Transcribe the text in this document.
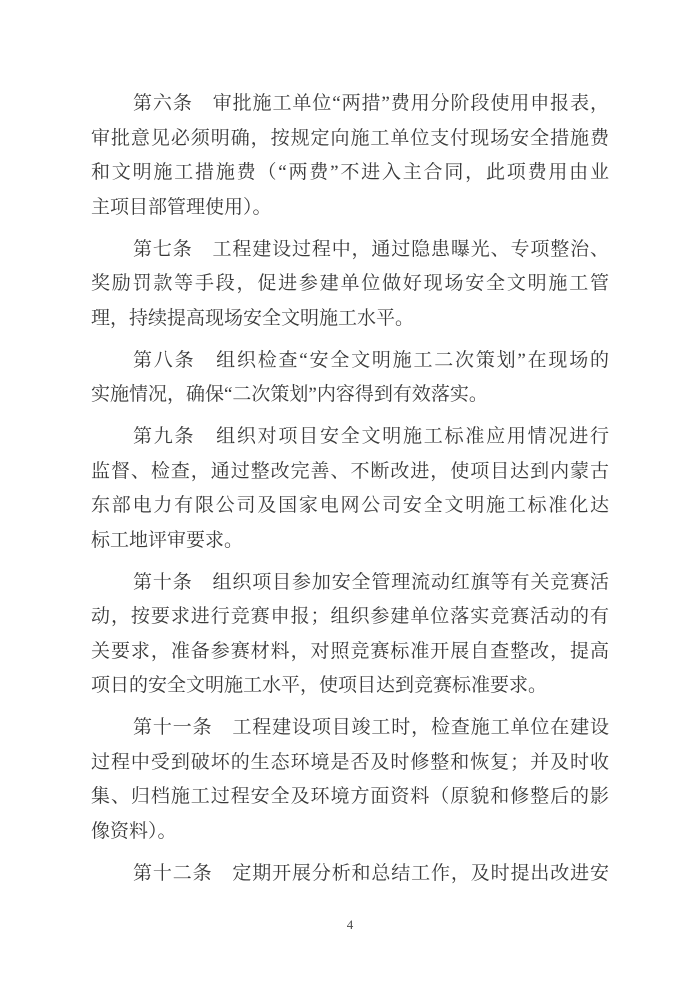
第六条　审批施工单位“两措”费用分阶段使用申报表，
审批意见必须明确，按规定向施工单位支付现场安全措施费
和文明施工措施费（“两费”不进入主合同，此项费用由业
主项目部管理使用）。

第七条　工程建设过程中，通过隐患曝光、专项整治、
奖励罚款等手段，促进参建单位做好现场安全文明施工管
理，持续提高现场安全文明施工水平。

第八条　组织检查“安全文明施工二次策划”在现场的
实施情况，确保“二次策划”内容得到有效落实。

第九条　组织对项目安全文明施工标准应用情况进行
监督、检查，通过整改完善、不断改进，使项目达到内蒙古
东部电力有限公司及国家电网公司安全文明施工标准化达
标工地评审要求。

第十条　组织项目参加安全管理流动红旗等有关竞赛活
动，按要求进行竞赛申报；组织参建单位落实竞赛活动的有
关要求，准备参赛材料，对照竞赛标准开展自查整改，提高
项日的安全文明施工水平，使项目达到竞赛标准要求。

第十一条　工程建设项目竣工时，检查施工单位在建设
过程中受到破坏的生态环境是否及时修整和恢复；并及时收
集、归档施工过程安全及环境方面资料（原貌和修整后的影
像资料）。

第十二条　定期开展分析和总结工作，及时提出改进安

4
